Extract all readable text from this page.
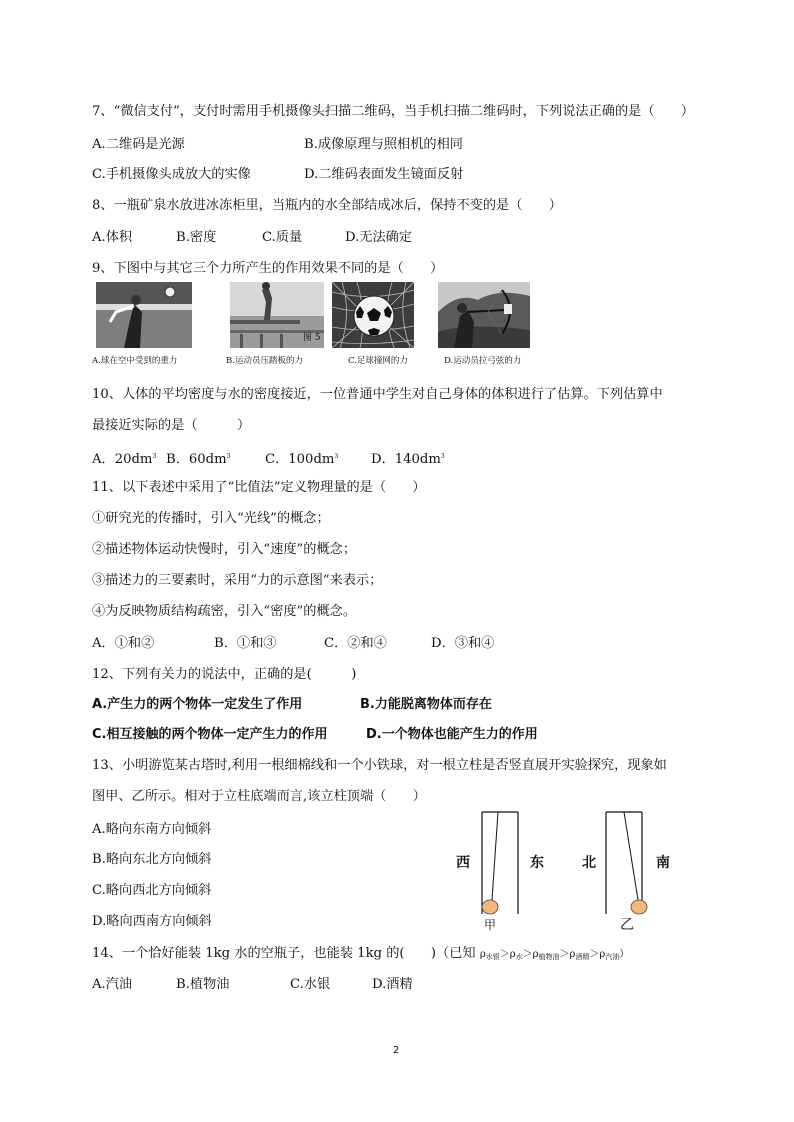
7、“微信支付”，支付时需用手机摄像头扫描二维码，当手机扫描二维码时，下列说法正确的是（　　）
A.二维码是光源	B.成像原理与照相机的相同
C.手机摄像头成放大的实像	D.二维码表面发生镜面反射
8、一瓶矿泉水放进冰冻柜里，当瓶内的水全部结成冰后，保持不变的是（　　）
A.体积	B.密度	C.质量	D.无法确定
9、下图中与其它三个力所产生的作用效果不同的是（　　）
图 5
A.球在空中受到的重力	B.运动员压踏板的力	C.足球撞网的力	D.运动员拉弓弦的力
10、人体的平均密度与水的密度接近，一位普通中学生对自己身体的体积进行了估算。下列估算中
最接近实际的是（　　　）
A．$20dm^3$ B．$60dm^3$	C．$100dm^3$ D．$140dm^3$
11、以下表述中采用了“比值法”定义物理量的是（　　）
①研究光的传播时，引入“光线”的概念；
②描述物体运动快慢时，引入“速度”的概念；
③描述力的三要素时，采用“力的示意图”来表示；
④为反映物质结构疏密，引入“密度”的概念。
A．①和②	B．①和③	C．②和④	D．③和④
12、下列有关力的说法中，正确的是(　　　)
A.产生力的两个物体一定发生了作用	B.力能脱离物体而存在
C.相互接触的两个物体一定产生力的作用	D.一个物体也能产生力的作用
13、小明游览某古塔时,利用一根细棉线和一个小铁球，对一根立柱是否竖直展开实验探究，现象如
图甲、乙所示。相对于立柱底端而言,该立柱顶端（　　）
A.略向东南方向倾斜
B.略向东北方向倾斜
C.略向西北方向倾斜
D.略向西南方向倾斜
西	东	北	南
甲	乙
14、一个恰好能装 1kg 水的空瓶子，也能装 1kg 的(　　)（已知 $\rho_{水银}>\rho_水>\rho_{植物油}>\rho_{酒精}>\rho_{汽油}$）
A.汽油	B.植物油	C.水银	D.酒精
2
